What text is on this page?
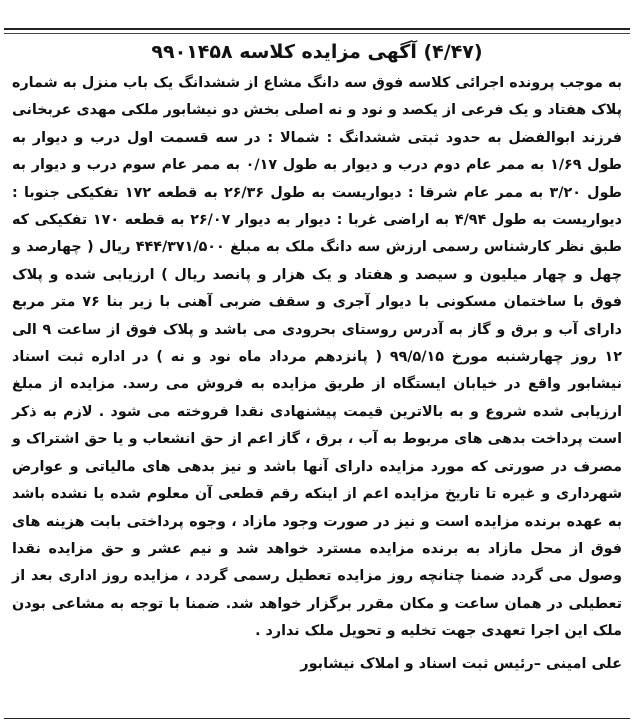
(۴/۴۷) آگهی مزایده کلاسه ۹۹۰۱۴۵۸

به موجب پرونده اجرائی کلاسه فوق سه دانگ مشاع از ششدانگ یک باب منزل به شماره پلاک هفتاد و یک فرعی از یکصد و نود و نه اصلی بخش دو نیشابور ملکی مهدی عربخانی فرزند ابوالفضل به حدود ثبتی ششدانگ : شمالا : در سه قسمت اول درب و دیوار به طول ۱/۶۹ به ممر عام دوم درب و دیوار به طول ۰/۱۷ به ممر عام سوم درب و دیوار به طول ۳/۲۰ به ممر عام شرقا : دیواریست به طول ۲۶/۳۶ به قطعه ۱۷۲ تفکیکی جنوبا : دیواریست به طول ۴/۹۴ به اراضی غربا : دیوار به دیوار ۲۶/۰۷ به قطعه ۱۷۰ تفکیکی که طبق نظر کارشناس رسمی ارزش سه دانگ ملک به مبلغ ۴۴۴/۳۷۱/۵۰۰ ریال ( چهارصد و چهل و چهار میلیون و سیصد و هفتاد و یک هزار و پانصد ریال ) ارزیابی شده و پلاک فوق با ساختمان مسکونی با دیوار آجری و سقف ضربی آهنی با زیر بنا ۷۶ متر مربع دارای آب و برق و گاز به آدرس روستای بحرودی می باشد و پلاک فوق از ساعت ۹ الی ۱۲ روز چهارشنبه مورخ ۹۹/۵/۱۵ ( پانزدهم مرداد ماه نود و نه ) در اداره ثبت اسناد نیشابور واقع در خیابان ایستگاه از طریق مزایده به فروش می رسد. مزایده از مبلغ ارزیابی شده شروع و به بالاترین قیمت پیشنهادی نقدا فروخته می شود . لازم به ذکر است پرداخت بدهی های مربوط به آب ، برق ، گاز اعم از حق انشعاب و یا حق اشتراک و مصرف در صورتی که مورد مزایده دارای آنها باشد و نیز بدهی های مالیاتی و عوارض شهرداری و غیره تا تاریخ مزایده اعم از اینکه رقم قطعی آن معلوم شده یا نشده باشد به عهده برنده مزایده است و نیز در صورت وجود مازاد ، وجوه پرداختی بابت هزینه های فوق از محل مازاد به برنده مزایده مسترد خواهد شد و نیم عشر و حق مزایده نقدا وصول می گردد ضمنا چنانچه روز مزایده تعطیل رسمی گردد ، مزایده روز اداری بعد از تعطیلی در همان ساعت و مکان مقرر برگزار خواهد شد. ضمنا با توجه به مشاعی بودن ملک این اجرا تعهدی جهت تخلیه و تحویل ملک ندارد .

علی امینی –رئیس ثبت اسناد و املاک نیشابور
